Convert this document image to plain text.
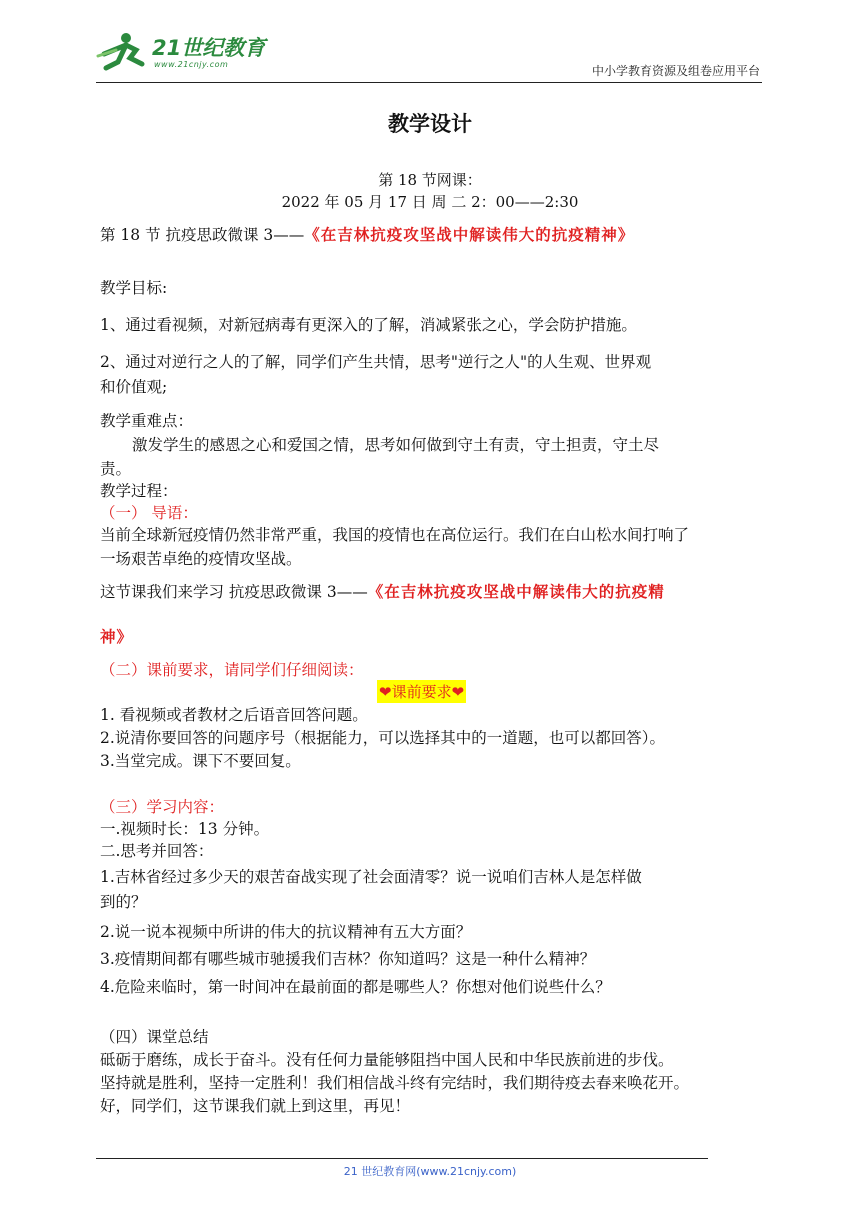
21世纪教育
www.21cnjy.com	中小学教育资源及组卷应用平台
教学设计
第 18 节网课：
2022 年 05 月 17 日 周 二 2：00——2:30
第 18 节 抗疫思政微课 3——《在吉林抗疫攻坚战中解读伟大的抗疫精神》
教学目标:
1、通过看视频，对新冠病毒有更深入的了解，消减紧张之心，学会防护措施。
2、通过对逆行之人的了解，同学们产生共情，思考"逆行之人"的人生观、世界观
和价值观;
教学重难点：
激发学生的感恩之心和爱国之情，思考如何做到守土有责，守土担责，守土尽
责。
教学过程：
（一） 导语：
当前全球新冠疫情仍然非常严重，我国的疫情也在高位运行。我们在白山松水间打响了
一场艰苦卓绝的疫情攻坚战。
这节课我们来学习 抗疫思政微课 3——《在吉林抗疫攻坚战中解读伟大的抗疫精
神》
（二）课前要求，请同学们仔细阅读：
❤课前要求❤
1. 看视频或者教材之后语音回答问题。
2.说清你要回答的问题序号（根据能力，可以选择其中的一道题，也可以都回答）。
3.当堂完成。课下不要回复。
（三）学习内容：
一.视频时长：13 分钟。
二.思考并回答：
1.吉林省经过多少天的艰苦奋战实现了社会面清零？说一说咱们吉林人是怎样做
到的？
2.说一说本视频中所讲的伟大的抗议精神有五大方面？
3.疫情期间都有哪些城市驰援我们吉林？你知道吗？这是一种什么精神？
4.危险来临时，第一时间冲在最前面的都是哪些人？你想对他们说些什么？
（四）课堂总结
砥砺于磨练，成长于奋斗。没有任何力量能够阻挡中国人民和中华民族前进的步伐。
坚持就是胜利，坚持一定胜利！我们相信战斗终有完结时，我们期待疫去春来唤花开。
好，同学们，这节课我们就上到这里，再见！
21 世纪教育网(www.21cnjy.com)
